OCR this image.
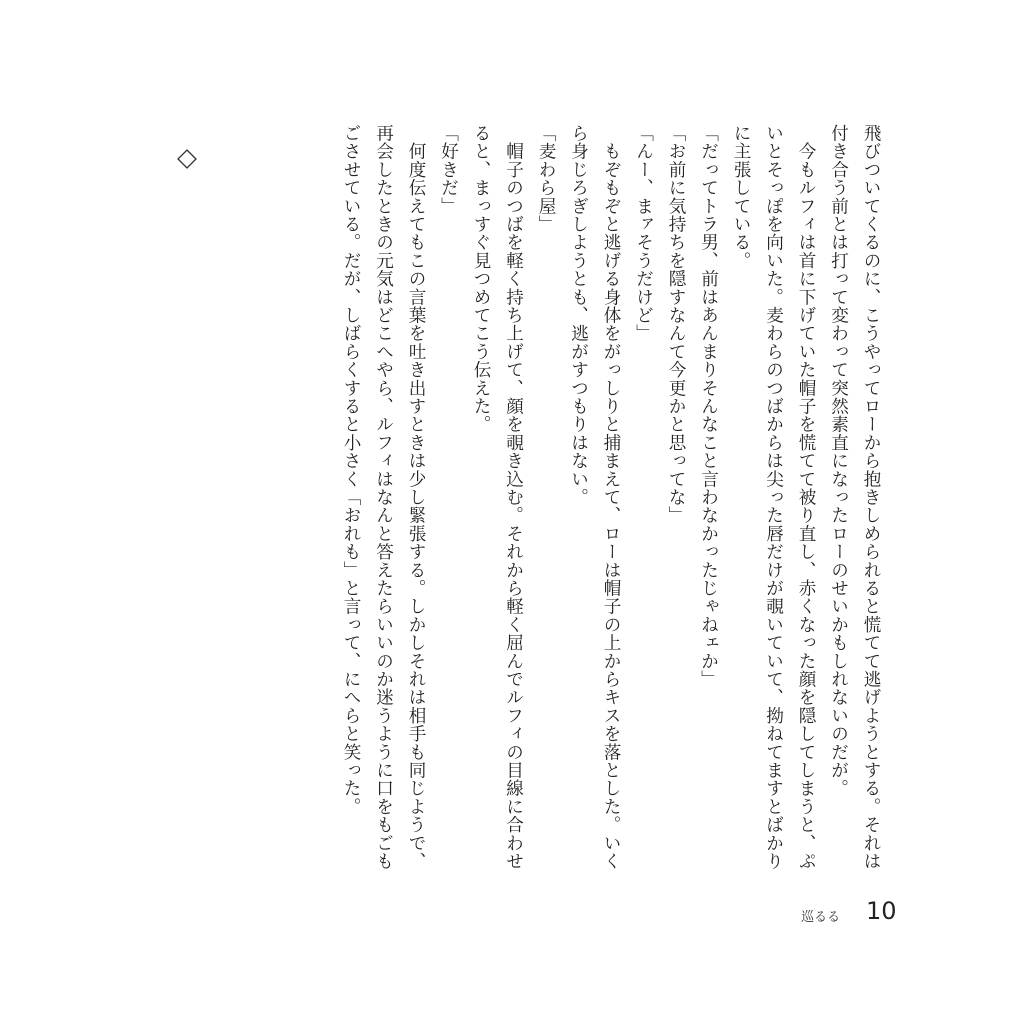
飛びついてくるのに、こうやってローから抱きしめられると慌てて逃げようとする。それは付き合う前とは打って変わって突然素直になったローのせいかもしれないのだが。

　今もルフィは首に下げていた帽子を慌てて被り直し、赤くなった顔を隠してしまうと、ぷいとそっぽを向いた。麦わらのつばからは尖った唇だけが覗いていて、拗ねてますとばかりに主張している。

「だってトラ男、前はあんまりそんなこと言わなかったじゃねェか」

「お前に気持ちを隠すなんて今更かと思ってな」

「んー、まァそうだけど」

　もぞもぞと逃げる身体をがっしりと捕まえて、ローは帽子の上からキスを落とした。いくら身じろぎしようとも、逃がすつもりはない。

「麦わら屋」

　帽子のつばを軽く持ち上げて、顔を覗き込む。それから軽く屈んでルフィの目線に合わせると、まっすぐ見つめてこう伝えた。

「好きだ」

　何度伝えてもこの言葉を吐き出すときは少し緊張する。しかしそれは相手も同じようで、再会したときの元気はどこへやら、ルフィはなんと答えたらいいのか迷うように口をもごもごさせている。だが、しばらくすると小さく「おれも」と言って、にへらと笑った。

巡るる 10
